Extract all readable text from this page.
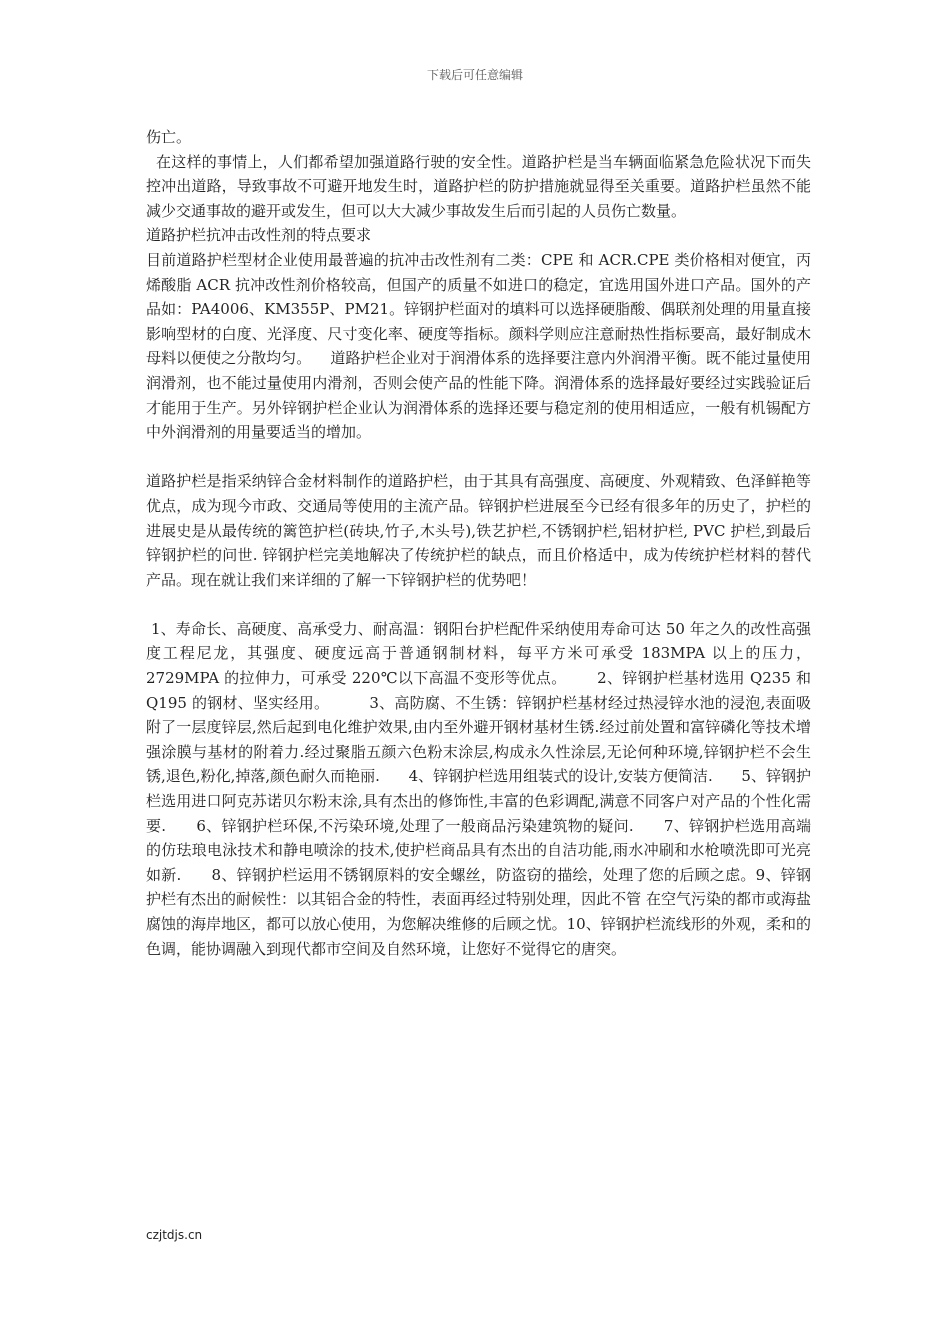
下载后可任意编辑

伤亡。

在这样的事情上，人们都希望加强道路行驶的安全性。道路护栏是当车辆面临紧急危险状况下而失控冲出道路，导致事故不可避开地发生时，道路护栏的防护措施就显得至关重要。道路护栏虽然不能减少交通事故的避开或发生，但可以大大减少事故发生后而引起的人员伤亡数量。

道路护栏抗冲击改性剂的特点要求

目前道路护栏型材企业使用最普遍的抗冲击改性剂有二类：CPE 和 ACR.CPE 类价格相对便宜，丙烯酸脂 ACR 抗冲改性剂价格较高，但国产的质量不如进口的稳定，宜选用国外进口产品。国外的产品如：PA4006、KM355P、PM21。锌钢护栏面对的填料可以选择硬脂酸、偶联剂处理的用量直接影响型材的白度、光泽度、尺寸变化率、硬度等指标。颜料学则应注意耐热性指标要高，最好制成木母料以便使之分散均匀。    道路护栏企业对于润滑体系的选择要注意内外润滑平衡。既不能过量使用润滑剂，也不能过量使用内滑剂，否则会使产品的性能下降。润滑体系的选择最好要经过实践验证后才能用于生产。另外锌钢护栏企业认为润滑体系的选择还要与稳定剂的使用相适应，一般有机锡配方中外润滑剂的用量要适当的增加。

道路护栏是指采纳锌合金材料制作的道路护栏，由于其具有高强度、高硬度、外观精致、色泽鲜艳等优点，成为现今市政、交通局等使用的主流产品。锌钢护栏进展至今已经有很多年的历史了，护栏的进展史是从最传统的篱笆护栏(砖块,竹子,木头号),铁艺护栏,不锈钢护栏,铝材护栏, PVC 护栏,到最后锌钢护栏的问世. 锌钢护栏完美地解决了传统护栏的缺点，而且价格适中，成为传统护栏材料的替代产品。现在就让我们来详细的了解一下锌钢护栏的优势吧！

1、寿命长、高硬度、高承受力、耐高温：钢阳台护栏配件采纳使用寿命可达 50 年之久的改性高强度工程尼龙，其强度、硬度远高于普通钢制材料，每平方米可承受 183MPA 以上的压力，2729MPA 的拉伸力，可承受 220℃以下高温不变形等优点。      2、锌钢护栏基材选用 Q235 和 Q195 的钢材、坚实经用。        3、高防腐、不生锈：锌钢护栏基材经过热浸锌水池的浸泡,表面吸附了一层度锌层,然后起到电化维护效果,由内至外避开钢材基材生锈.经过前处置和富锌磷化等技术增强涂膜与基材的附着力.经过聚脂五颜六色粉末涂层,构成永久性涂层,无论何种环境,锌钢护栏不会生锈,退色,粉化,掉落,颜色耐久而艳丽.      4、锌钢护栏选用组装式的设计,安装方便简洁.      5、锌钢护栏选用进口阿克苏诺贝尔粉末涂,具有杰出的修饰性,丰富的色彩调配,满意不同客户对产品的个性化需要.      6、锌钢护栏环保,不污染环境,处理了一般商品污染建筑物的疑问.      7、锌钢护栏选用高端的仿珐琅电泳技术和静电喷涂的技术,使护栏商品具有杰出的自洁功能,雨水冲刷和水枪喷洗即可光亮如新.      8、锌钢护栏运用不锈钢原料的安全螺丝，防盗窃的描绘，处理了您的后顾之虑。9、锌钢护栏有杰出的耐候性：以其铝合金的特性，表面再经过特别处理，因此不管 在空气污染的都市或海盐腐蚀的海岸地区，都可以放心使用，为您解决维修的后顾之忧。10、锌钢护栏流线形的外观，柔和的色调，能协调融入到现代都市空间及自然环境，让您好不觉得它的唐突。

czjtdjs.cn
